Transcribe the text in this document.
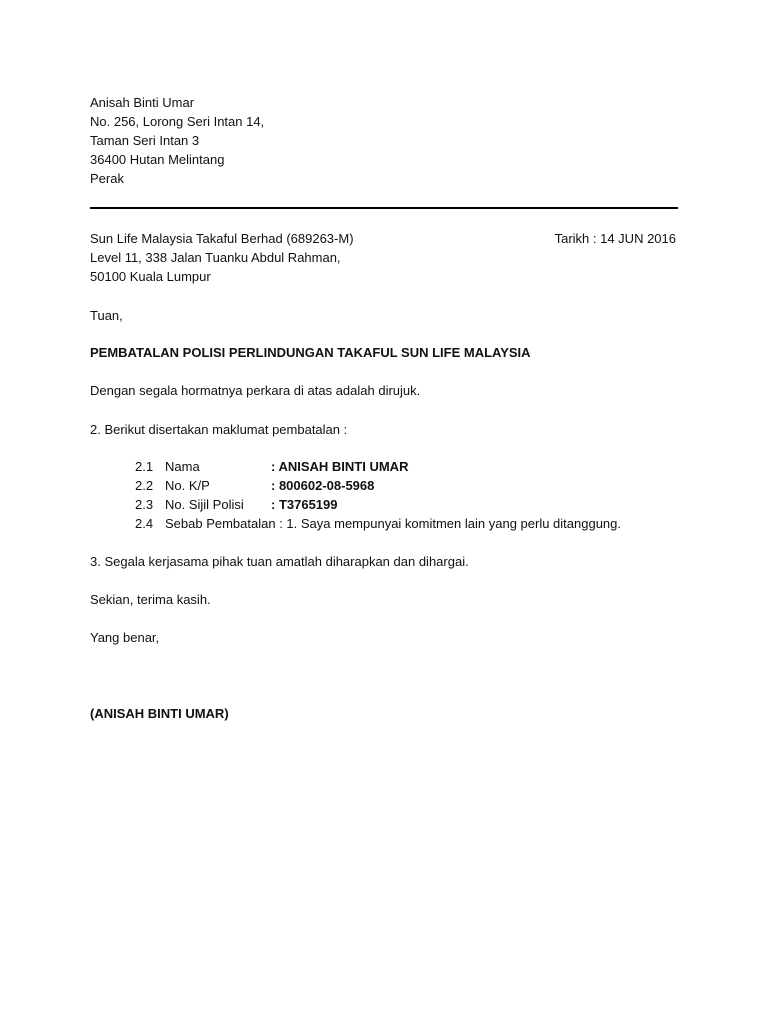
Anisah Binti Umar
No. 256, Lorong Seri Intan 14,
Taman Seri Intan 3
36400 Hutan Melintang
Perak
Sun Life Malaysia Takaful Berhad (689263-M)	Tarikh : 14 JUN 2016
Level 11, 338 Jalan Tuanku Abdul Rahman,
50100 Kuala Lumpur
Tuan,
PEMBATALAN POLISI PERLINDUNGAN TAKAFUL SUN LIFE MALAYSIA
Dengan segala hormatnya perkara di atas adalah dirujuk.
2. Berikut disertakan maklumat pembatalan :
2.1 Nama	: ANISAH BINTI UMAR
2.2 No. K/P	: 800602-08-5968
2.3 No. Sijil Polisi : T3765199
2.4 Sebab Pembatalan : 1. Saya mempunyai komitmen lain yang perlu ditanggung.
3. Segala kerjasama pihak tuan amatlah diharapkan dan dihargai.
Sekian, terima kasih.
Yang benar,
(ANISAH BINTI UMAR)
